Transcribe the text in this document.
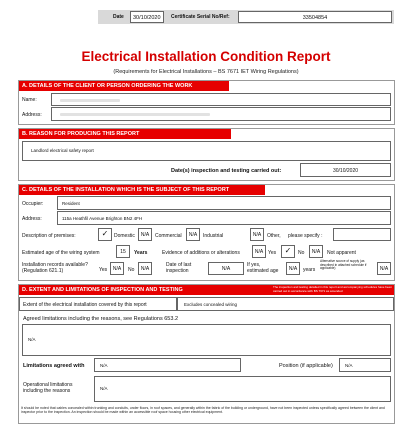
Date	30/10/2020	Certificate Serial No/Ref:	33504854
Electrical Installation Condition Report
(Requirements for Electrical Installations – BS 7671 IET Wiring Regulations)
A. DETAILS OF THE CLIENT OR PERSON ORDERING THE WORK
Name:
Address:
B. REASON FOR PRODUCING THIS REPORT
Landlord electrical safety report
Date(s) inspection and testing carried out:	30/10/2020
C. DETAILS OF THE INSTALLATION WHICH IS THE SUBJECT OF THIS REPORT
Occupier:	Resident
Address:	115a Heathfil Avenue Brighton BN2 4FH
Description of premises:	✓	Domestic	N/A	Commercial	N/A	Industrial	N/A	Other, please specify :
Estimated age of the wiring system	15	Years	Evidence of additions or alterations	N/A Yes	✓	No	N/A	Not apparent
Installation records available? (Regulation 621.1)	Yes	N/A	No	N/A
Date of last inspection	N/A
If yes, estimated age	N/A	years
Alternative source of supply (as described in attached schedule if applicable)	N/A
D. EXTENT AND LIMITATIONS OF INSPECTION AND TESTING	The inspection and testing detailed in this report and accompanying schedules have been carried out in accordance with BS 7671 as amended
Extent of the electrical installation covered by this report	Excludes concealed wiring
Agreed limitations including the reasons, see Regulations 653.2
N/A
Limitations agreed with	N/A	Position (if applicable)	N/A
Operational limitations including the reasons	N/A
It should be noted that cables concealed within trunking and conduits, under floors, in roof spaces, and generally within the fabric of the building or underground, have not been inspected unless specifically agreed between the client and inspector prior to the inspection. An inspection should be made within an accessible roof space housing other electrical equipment.
